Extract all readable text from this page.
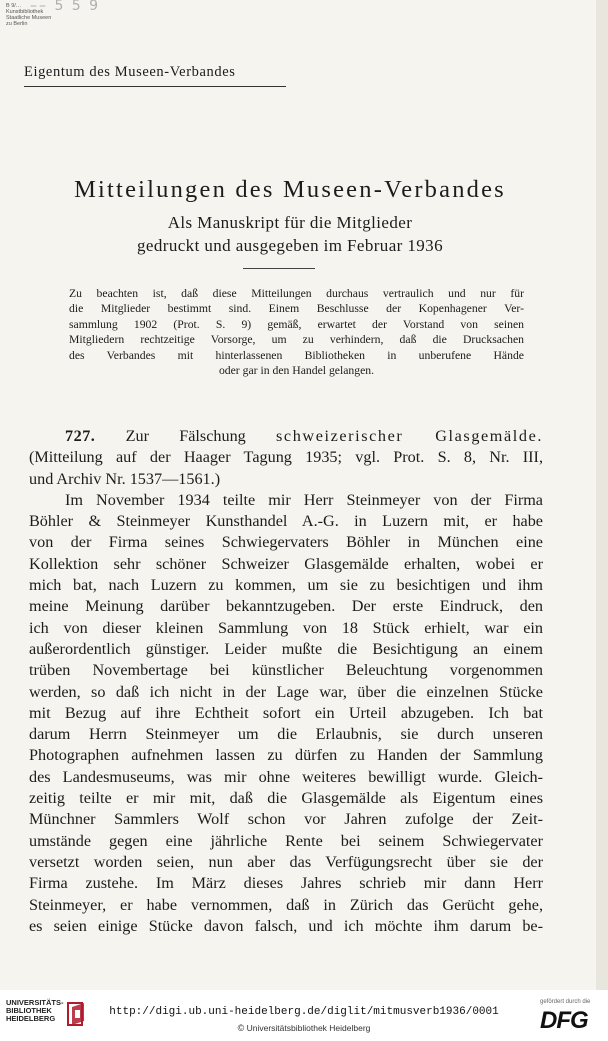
B 9/…
Kunstbibliothek
Staatliche Museen
zu Berlin
–– 5 5 9
Eigentum des Museen-Verbandes
Mitteilungen des Museen-Verbandes
Als Manuskript für die Mitglieder
gedruckt und ausgegeben im Februar 1936
Zu beachten ist, daß diese Mitteilungen durchaus vertraulich und nur für
die Mitglieder bestimmt sind. Einem Beschlusse der Kopenhagener Ver-
sammlung 1902 (Prot. S. 9) gemäß, erwartet der Vorstand von seinen
Mitgliedern rechtzeitige Vorsorge, um zu verhindern, daß die Drucksachen
des Verbandes mit hinterlassenen Bibliotheken in unberufene Hände
oder gar in den Handel gelangen.
727. Zur Fälschung schweizerischer Glasgemälde.
(Mitteilung auf der Haager Tagung 1935; vgl. Prot. S. 8, Nr. III,
und Archiv Nr. 1537—1561.)
Im November 1934 teilte mir Herr Steinmeyer von der Firma
Böhler & Steinmeyer Kunsthandel A.-G. in Luzern mit, er habe
von der Firma seines Schwiegervaters Böhler in München eine
Kollektion sehr schöner Schweizer Glasgemälde erhalten, wobei er
mich bat, nach Luzern zu kommen, um sie zu besichtigen und ihm
meine Meinung darüber bekanntzugeben. Der erste Eindruck, den
ich von dieser kleinen Sammlung von 18 Stück erhielt, war ein
außerordentlich günstiger. Leider mußte die Besichtigung an einem
trüben Novembertage bei künstlicher Beleuchtung vorgenommen
werden, so daß ich nicht in der Lage war, über die einzelnen Stücke
mit Bezug auf ihre Echtheit sofort ein Urteil abzugeben. Ich bat
darum Herrn Steinmeyer um die Erlaubnis, sie durch unseren
Photographen aufnehmen lassen zu dürfen zu Handen der Sammlung
des Landesmuseums, was mir ohne weiteres bewilligt wurde. Gleich-
zeitig teilte er mir mit, daß die Glasgemälde als Eigentum eines
Münchner Sammlers Wolf schon vor Jahren zufolge der Zeit-
umstände gegen eine jährliche Rente bei seinem Schwiegervater
versetzt worden seien, nun aber das Verfügungsrecht über sie der
Firma zustehe. Im März dieses Jahres schrieb mir dann Herr
Steinmeyer, er habe vernommen, daß in Zürich das Gerücht gehe,
es seien einige Stücke davon falsch, und ich möchte ihm darum be-
UNIVERSITÄTS-
BIBLIOTHEK
HEIDELBERG
http://digi.ub.uni-heidelberg.de/diglit/mitmusverb1936/0001
© Universitätsbibliothek Heidelberg
gefördert durch die
DFG
